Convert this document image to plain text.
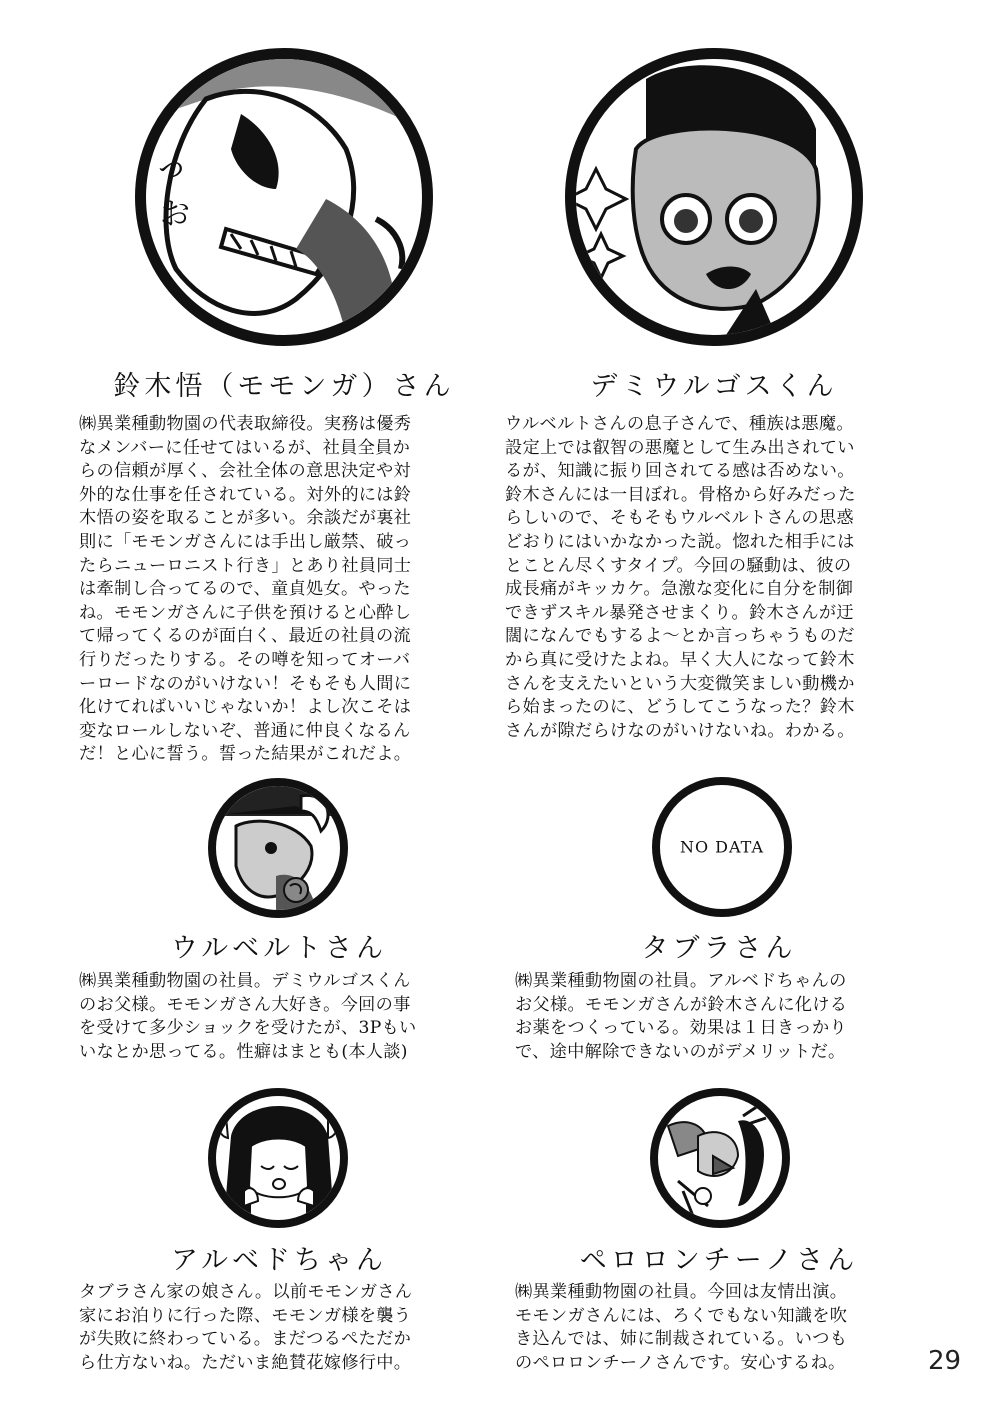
っ
お
鈴木悟（モモンガ）さん
㈱異業種動物園の代表取締役。実務は優秀
なメンバーに任せてはいるが、社員全員か
らの信頼が厚く、会社全体の意思決定や対
外的な仕事を任されている。対外的には鈴
木悟の姿を取ることが多い。余談だが裏社
則に「モモンガさんには手出し厳禁、破っ
たらニューロニスト行き」とあり社員同士
は牽制し合ってるので、童貞処女。やった
ね。モモンガさんに子供を預けると心酔し
て帰ってくるのが面白く、最近の社員の流
行りだったりする。その噂を知ってオーバ
ーロードなのがいけない！そもそも人間に
化けてればいいじゃないか！よし次こそは
変なロールしないぞ、普通に仲良くなるん
だ！と心に誓う。誓った結果がこれだよ。
デミウルゴスくん
ウルベルトさんの息子さんで、種族は悪魔。
設定上では叡智の悪魔として生み出されてい
るが、知識に振り回されてる感は否めない。
鈴木さんには一目ぼれ。骨格から好みだった
らしいので、そもそもウルベルトさんの思惑
どおりにはいかなかった説。惚れた相手には
とことん尽くすタイプ。今回の騒動は、彼の
成長痛がキッカケ。急激な変化に自分を制御
できずスキル暴発させまくり。鈴木さんが迂
闊になんでもするよ～とか言っちゃうものだ
から真に受けたよね。早く大人になって鈴木
さんを支えたいという大変微笑ましい動機か
ら始まったのに、どうしてこうなった？鈴木
さんが隙だらけなのがいけないね。わかる。
ウルベルトさん
㈱異業種動物園の社員。デミウルゴスくん
のお父様。モモンガさん大好き。今回の事
を受けて多少ショックを受けたが、3Pもい
いなとか思ってる。性癖はまとも(本人談)
NO DATA
タブラさん
㈱異業種動物園の社員。アルベドちゃんの
お父様。モモンガさんが鈴木さんに化ける
お薬をつくっている。効果は１日きっかり
で、途中解除できないのがデメリットだ。
アルベドちゃん
タブラさん家の娘さん。以前モモンガさん
家にお泊りに行った際、モモンガ様を襲う
が失敗に終わっている。まだつるぺただか
ら仕方ないね。ただいま絶賛花嫁修行中。
ペロロンチーノさん
㈱異業種動物園の社員。今回は友情出演。
モモンガさんには、ろくでもない知識を吹
き込んでは、姉に制裁されている。いつも
のペロロンチーノさんです。安心するね。	29
